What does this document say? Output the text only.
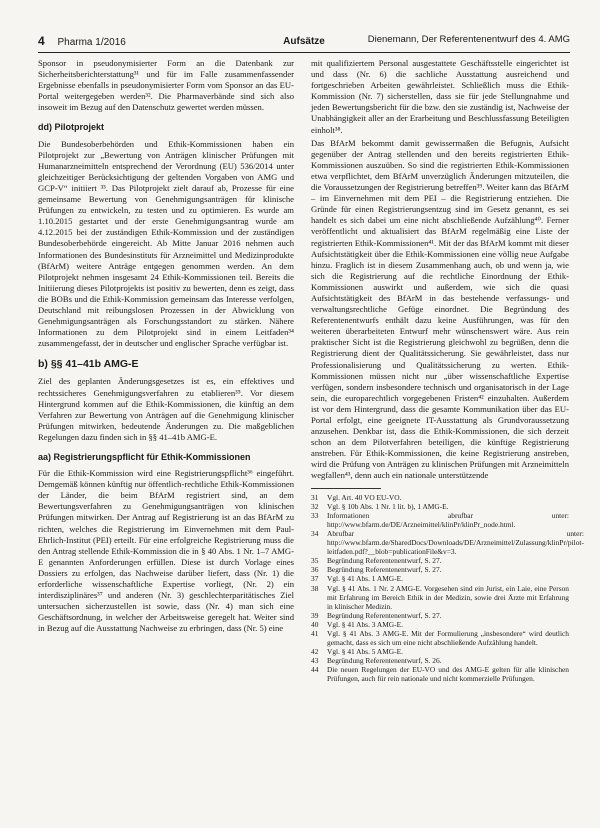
4 Pharma 1/2016	Aufsätze	Dienemann, Der Referentenentwurf des 4. AMG

Sponsor in pseudonymisierter Form an die Datenbank zur Sicherheitsberichterstattung³¹ und für im Falle zusammenfassender Ergebnisse ebenfalls in pseudonymisierter Form vom Sponsor an das EU-Portal weitergegeben werden³². Die Pharmaverbände sind sich also insoweit im Bezug auf den Datenschutz gewertet werden müssen.

dd) Pilotprojekt

Die Bundesoberbehörden und Ethik-Kommissionen haben ein Pilotprojekt zur „Bewertung von Anträgen klinischer Prüfungen mit Humanarzneimitteln entsprechend der Verordnung (EU) 536/2014 unter gleichzeitiger Berücksichtigung der geltenden Vorgaben von AMG und GCP-V“ initiiert ³³. Das Pilotprojekt zielt darauf ab, Prozesse für eine gemeinsame Bewertung von Genehmigungsanträgen für klinische Prüfungen zu entwickeln, zu testen und zu optimieren. Es wurde am 1.10.2015 gestartet und der erste Genehmigungsantrag wurde am 4.12.2015 bei der zuständigen Ethik-Kommission und der zuständigen Bundesoberbehörde eingereicht. Ab Mitte Januar 2016 nehmen auch Informationen des Bundesinstituts für Arzneimittel und Medizinprodukte (BfArM) weitere Anträge entgegen genommen werden. An dem Pilotprojekt nehmen insgesamt 24 Ethik-Kommissionen teil. Bereits die Initiierung dieses Pilotprojekts ist positiv zu bewerten, denn es zeigt, dass die BOBs und die Ethik-Kommission gemeinsam das Interesse verfolgen, Deutschland mit reibungslosen Prozessen in der Abwicklung von Genehmigungsanträgen als Forschungsstandort zu stärken. Nähere Informationen zu dem Pilotprojekt sind in einem Leitfaden³⁴ zusammengefasst, der in deutscher und englischer Sprache verfügbar ist.

b) §§ 41–41b AMG-E

Ziel des geplanten Änderungsgesetzes ist es, ein effektives und rechtssicheres Genehmigungsverfahren zu etablieren³⁵. Vor diesem Hintergrund kommen auf die Ethik-Kommissionen, die künftig an dem Verfahren zur Bewertung von Anträgen auf die Genehmigung klinischer Prüfungen mitwirken, bedeutende Änderungen zu. Die maßgeblichen Regelungen dazu finden sich in §§ 41–41b AMG-E.

aa) Registrierungspflicht für Ethik-Kommissionen

Für die Ethik-Kommission wird eine Registrierungspflicht³⁶ eingeführt. Demgemäß können künftig nur öffentlich-rechtliche Ethik-Kommissionen der Länder, die beim BfArM registriert sind, an dem Bewertungsverfahren zu Genehmigungsanträgen von klinischen Prüfungen mitwirken. Der Antrag auf Registrierung ist an das BfArM zu richten, welches die Registrierung im Einvernehmen mit dem Paul-Ehrlich-Institut (PEI) erteilt. Für eine erfolgreiche Registrierung muss die den Antrag stellende Ethik-Kommission die in § 40 Abs. 1 Nr. 1–7 AMG-E genannten Anforderungen erfüllen. Diese ist durch Vorlage eines Dossiers zu erfolgen, das Nachweise darüber liefert, dass (Nr. 1) die erforderliche wissenschaftliche Expertise vorliegt, (Nr. 2) ein interdisziplinäres³⁷ und anderen (Nr. 3) geschlechterparitätisches Ziel untersuchen sicherzustellen ist sowie, dass (Nr. 4) man sich eine Geschäftsordnung, in welcher der Arbeitsweise geregelt hat. Weiter sind in Bezug auf die Ausstattung Nachweise zu erbringen, dass (Nr. 5) eine

mit qualifiziertem Personal ausgestattete Geschäftsstelle eingerichtet ist und dass (Nr. 6) die sachliche Ausstattung ausreichend und fortgeschrieben Arbeiten gewährleistet. Schließlich muss die Ethik-Kommission (Nr. 7) sicherstellen, dass sie für jede Stellungnahme und jeden Bewertungsbericht für die bzw. den sie zuständig ist, Nachweise der Unabhängigkeit aller an der Erarbeitung und Beschlussfassung Beteiligten einholt³⁸.

Das BfArM bekommt damit gewissermaßen die Befugnis, Aufsicht gegenüber der Antrag stellenden und den bereits registrierten Ethik-Kommissionen auszuüben. So sind die registrierten Ethik-Kommissionen etwa verpflichtet, dem BfArM unverzüglich Änderungen mitzuteilen, die die Voraussetzungen der Registrierung betreffen³⁹. Weiter kann das BfArM – im Einvernehmen mit dem PEI – die Registrierung entziehen. Die Gründe für einen Registrierungsentzug sind im Gesetz genannt, es sei handelt es sich dabei um eine nicht abschließende Aufzählung⁴⁰. Ferner veröffentlicht und aktualisiert das BfArM regelmäßig eine Liste der registrierten Ethik-Kommissionen⁴¹. Mit der das BfArM kommt mit dieser Aufsichtstätigkeit über die Ethik-Kommissionen eine völlig neue Aufgabe hinzu. Fraglich ist in diesem Zusammenhang auch, ob und wenn ja, wie sich die Registrierung auf die rechtliche Einordnung der Ethik-Kommissionen auswirkt und außerdem, wie sich die quasi Aufsichtstätigkeit des BfArM in das bestehende verfassungs- und verwaltungsrechtliche Gefüge einordnet. Die Begründung des Referentenentwurfs enthält dazu keine Ausführungen, was für den weiteren überarbeiteten Entwurf mehr wünschenswert wäre. Aus rein praktischer Sicht ist die Registrierung gleichwohl zu begrüßen, denn die Registrierung dient der Qualitätssicherung. Sie gewährleistet, dass nur Professionalisierung und Qualitätssicherung zu werten. Ethik-Kommissionen müssen nicht nur „über wissenschaftliche Expertise verfügen, sondern insbesondere technisch und organisatorisch in der Lage sein, die europarechtlich vorgegebenen Fristen⁴² einzuhalten. Außerdem ist vor dem Hintergrund, dass die gesamte Kommunikation über das EU-Portal erfolgt, eine geeignete IT-Ausstattung als Grundvoraussetzung anzusehen. Denkbar ist, dass die Ethik-Kommissionen, die sich derzeit schon an dem Pilotverfahren beteiligen, die künftige Registrierung anstreben. Für Ethik-Kommissionen, die keine Registrierung anstreben, wird die Prüfung von Anträgen zu klinischen Prüfungen mit Arzneimitteln wegfallen⁴³, denn auch ein nationale unterstützende

31	Vgl. Art. 40 VO EU-VO.
32	Vgl. § 10b Abs. 1 Nr. 1 lit. b), 1 AMG-E.
33	Informationen abrufbar unter: http://www.bfarm.de/DE/Arzneimittel/klinPr/klinPr_node.html.
34	Abrufbar unter: http://www.bfarm.de/SharedDocs/Downloads/DE/Arzneimittel/Zulassung/klinPr/pilot-leitfaden.pdf?__blob=publicationFile&v=3.
35	Begründung Referentenentwurf, S. 27.
36	Begründung Referentenentwurf, S. 27.
37	Vgl. § 41 Abs. 1 AMG-E.
38	Vgl. § 41 Abs. 1 Nr. 2 AMG-E. Vorgesehen sind ein Jurist, ein Laie, eine Person mit Erfahrung im Bereich Ethik in der Medizin, sowie drei Ärzte mit Erfahrung in klinischer Medizin.
39	Begründung Referentenentwurf, S. 27.
40	Vgl. § 41 Abs. 3 AMG-E.
41	Vgl. § 41 Abs. 3 AMG-E. Mit der Formulierung „insbesondere“ wird deutlich gemacht, dass es sich um eine nicht abschließende Aufzählung handelt.
42	Vgl. § 41 Abs. 5 AMG-E.
43	Begründung Referentenentwurf, S. 26.
44	Die neuen Regelungen der EU-VO und des AMG-E gelten für alle klinischen Prüfungen, auch für rein nationale und nicht kommerzielle Prüfungen.
